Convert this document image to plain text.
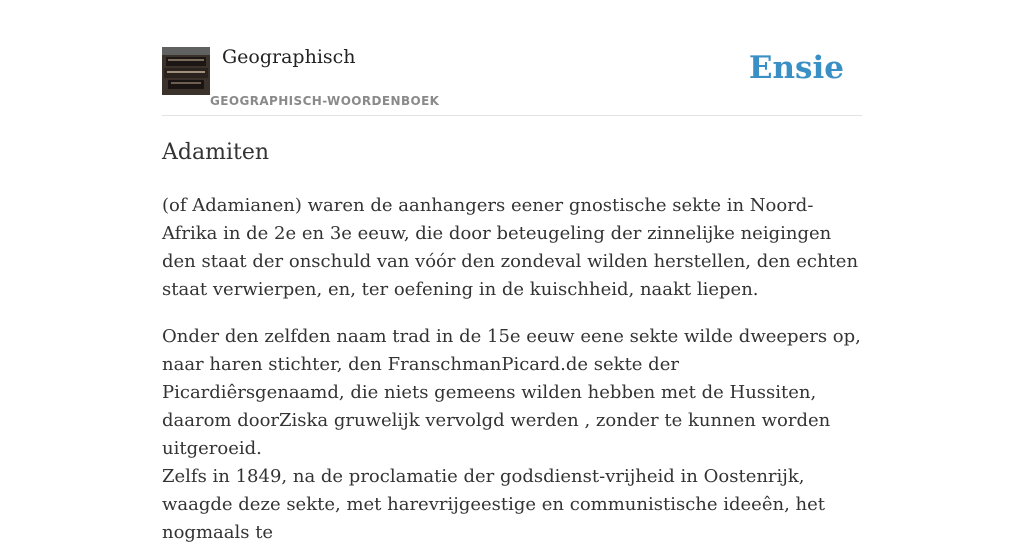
Geographisch
GEOGRAPHISCH-WOORDENBOEK
Ensie
Adamiten

(of Adamianen) waren de aanhangers eener gnostische sekte in Noord-Afrika in de 2e en 3e eeuw, die door beteugeling der zinnelijke neigingen den staat der onschuld van vóór den zondeval wilden herstellen, den echten staat verwierpen, en, ter oefening in de kuischheid, naakt liepen.

Onder den zelfden naam trad in de 15e eeuw eene sekte wilde dweepers op, naar haren stichter, den FranschmanPicard.de sekte der Picardiêrsgenaamd, die niets gemeens wilden hebben met de Hussiten, daarom doorZiska gruwelijk vervolgd werden , zonder te kunnen worden uitgeroeid.

Zelfs in 1849, na de proclamatie der godsdienst-vrijheid in Oostenrijk, waagde deze sekte, met harevrijgeestige en communistische ideeên, het nogmaals te
